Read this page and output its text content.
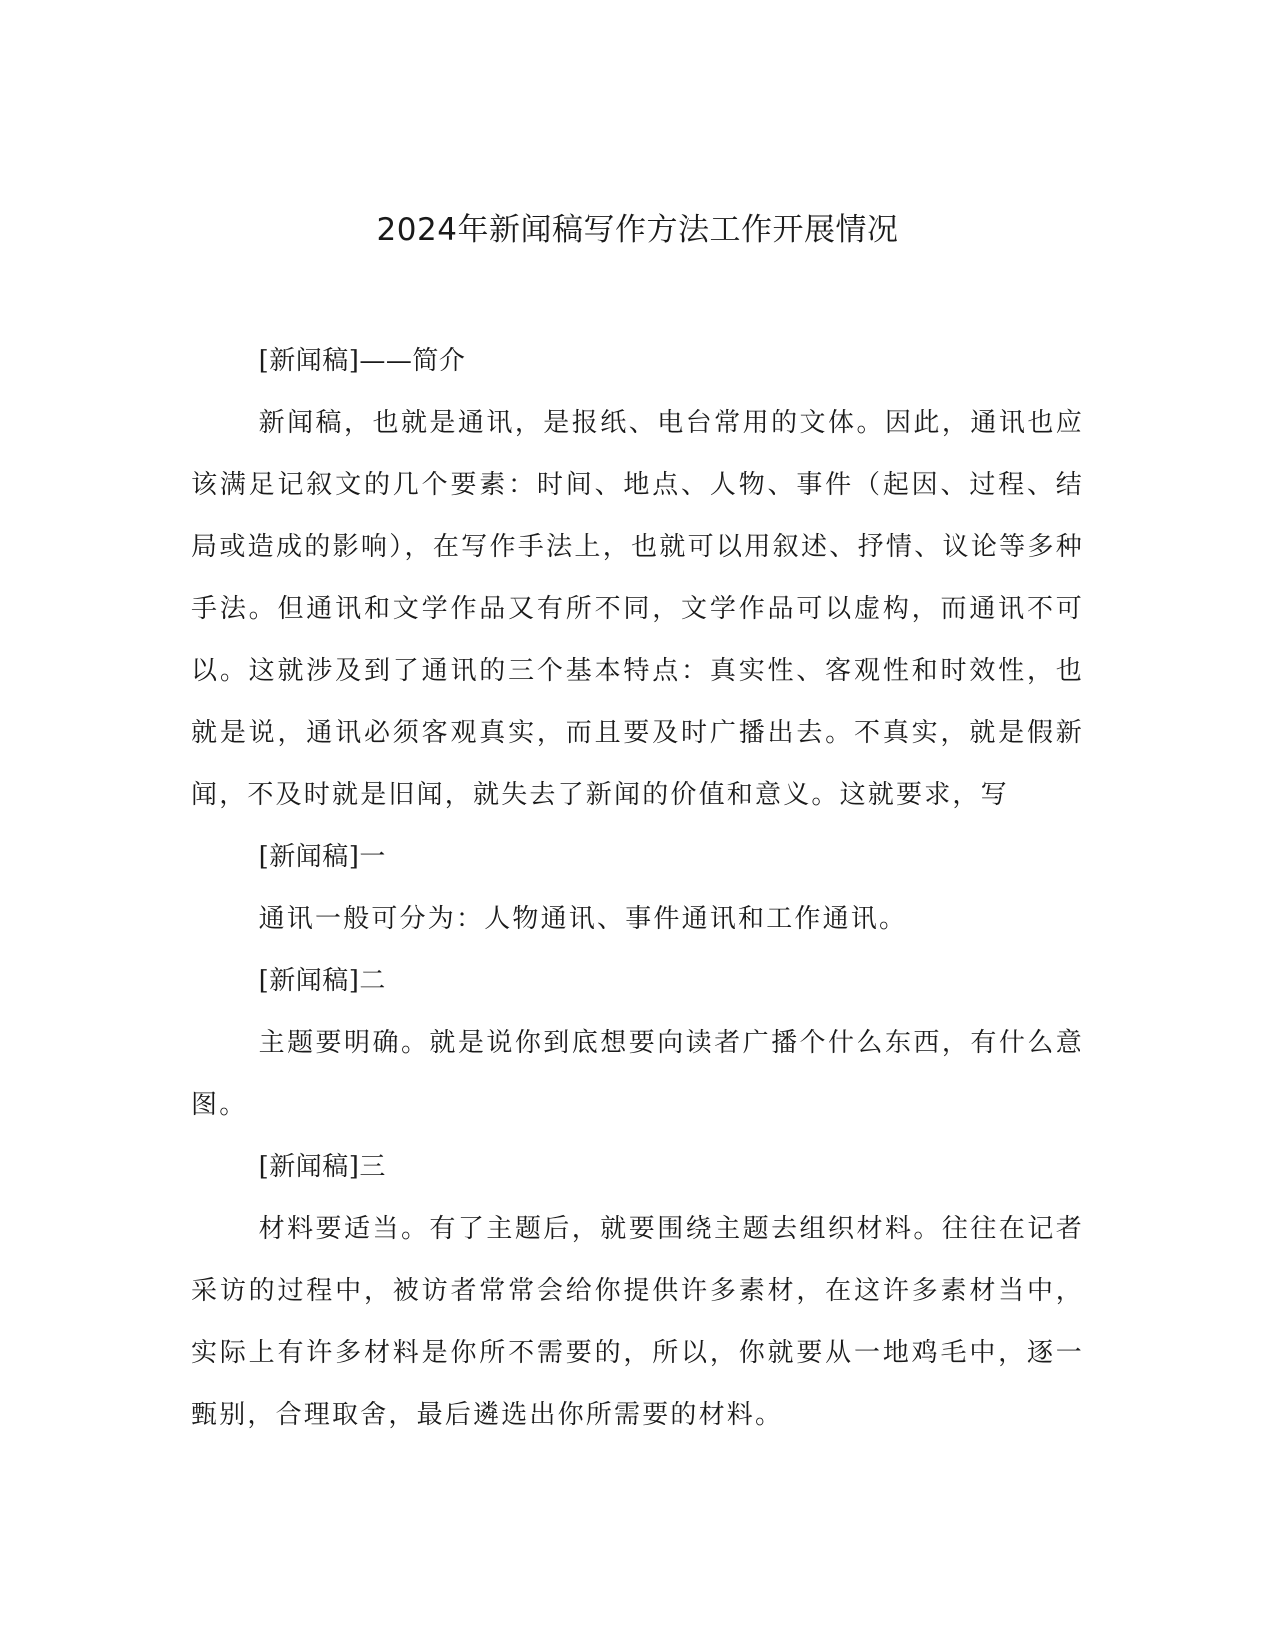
2024年新闻稿写作方法工作开展情况

[新闻稿]——简介

新闻稿，也就是通讯，是报纸、电台常用的文体。因此，通讯也应该满足记叙文的几个要素：时间、地点、人物、事件（起因、过程、结局或造成的影响），在写作手法上，也就可以用叙述、抒情、议论等多种手法。但通讯和文学作品又有所不同，文学作品可以虚构，而通讯不可以。这就涉及到了通讯的三个基本特点：真实性、客观性和时效性，也就是说，通讯必须客观真实，而且要及时广播出去。不真实，就是假新闻，不及时就是旧闻，就失去了新闻的价值和意义。这就要求，写

[新闻稿]一

通讯一般可分为：人物通讯、事件通讯和工作通讯。

[新闻稿]二

主题要明确。就是说你到底想要向读者广播个什么东西，有什么意图。

[新闻稿]三

材料要适当。有了主题后，就要围绕主题去组织材料。往往在记者采访的过程中，被访者常常会给你提供许多素材，在这许多素材当中，实际上有许多材料是你所不需要的，所以，你就要从一地鸡毛中，逐一甄别，合理取舍，最后遴选出你所需要的材料。
